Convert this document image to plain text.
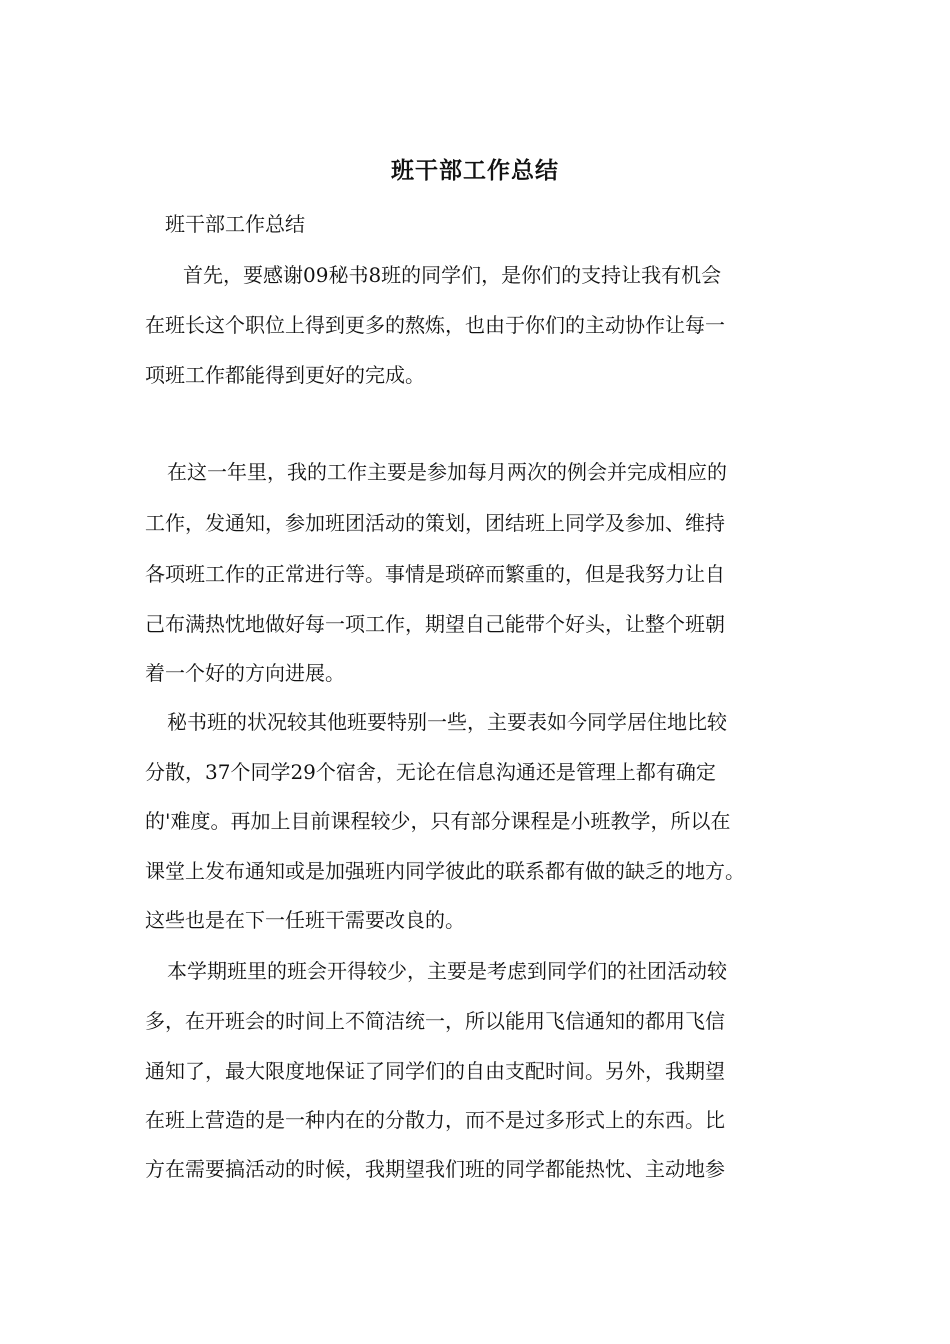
班干部工作总结
班干部工作总结
首先，要感谢09秘书8班的同学们，是你们的支持让我有机会
在班长这个职位上得到更多的熬炼，也由于你们的主动协作让每一
项班工作都能得到更好的完成。
在这一年里，我的工作主要是参加每月两次的例会并完成相应的
工作，发通知，参加班团活动的策划，团结班上同学及参加、维持
各项班工作的正常进行等。事情是琐碎而繁重的，但是我努力让自
己布满热忱地做好每一项工作，期望自己能带个好头，让整个班朝
着一个好的方向进展。
秘书班的状况较其他班要特别一些，主要表如今同学居住地比较
分散，37个同学29个宿舍，无论在信息沟通还是管理上都有确定
的'难度。再加上目前课程较少，只有部分课程是小班教学，所以在
课堂上发布通知或是加强班内同学彼此的联系都有做的缺乏的地方。
这些也是在下一任班干需要改良的。
本学期班里的班会开得较少，主要是考虑到同学们的社团活动较
多，在开班会的时间上不简洁统一，所以能用飞信通知的都用飞信
通知了，最大限度地保证了同学们的自由支配时间。另外，我期望
在班上营造的是一种内在的分散力，而不是过多形式上的东西。比
方在需要搞活动的时候，我期望我们班的同学都能热忱、主动地参
